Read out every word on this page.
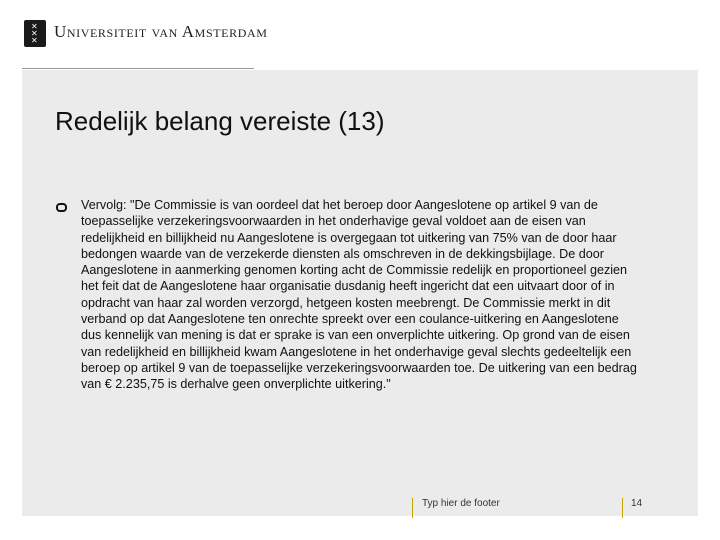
✕
✕
✕ Universiteit van Amsterdam
Redelijk belang vereiste (13)

Vervolg: "De Commissie is van oordeel dat het beroep door Aangeslotene op artikel 9 van de toepasselijke verzekeringsvoorwaarden in het onderhavige geval voldoet aan de eisen van redelijkheid en billijkheid nu Aangeslotene is overgegaan tot uitkering van 75% van de door haar bedongen waarde van de verzekerde diensten als omschreven in de dekkingsbijlage. De door Aangeslotene in aanmerking genomen korting acht de Commissie redelijk en proportioneel gezien het feit dat de Aangeslotene haar organisatie dusdanig heeft ingericht dat een uitvaart door of in opdracht van haar zal worden verzorgd, hetgeen kosten meebrengt. De Commissie merkt in dit verband op dat Aangeslotene ten onrechte spreekt over een coulance-uitkering en Aangeslotene dus kennelijk van mening is dat er sprake is van een onverplichte uitkering. Op grond van de eisen van redelijkheid en billijkheid kwam Aangeslotene in het onderhavige geval slechts gedeeltelijk een beroep op artikel 9 van de toepasselijke verzekeringsvoorwaarden toe. De uitkering van een bedrag van € 2.235,75 is derhalve geen onverplichte uitkering."

Typ hier de footer	14
